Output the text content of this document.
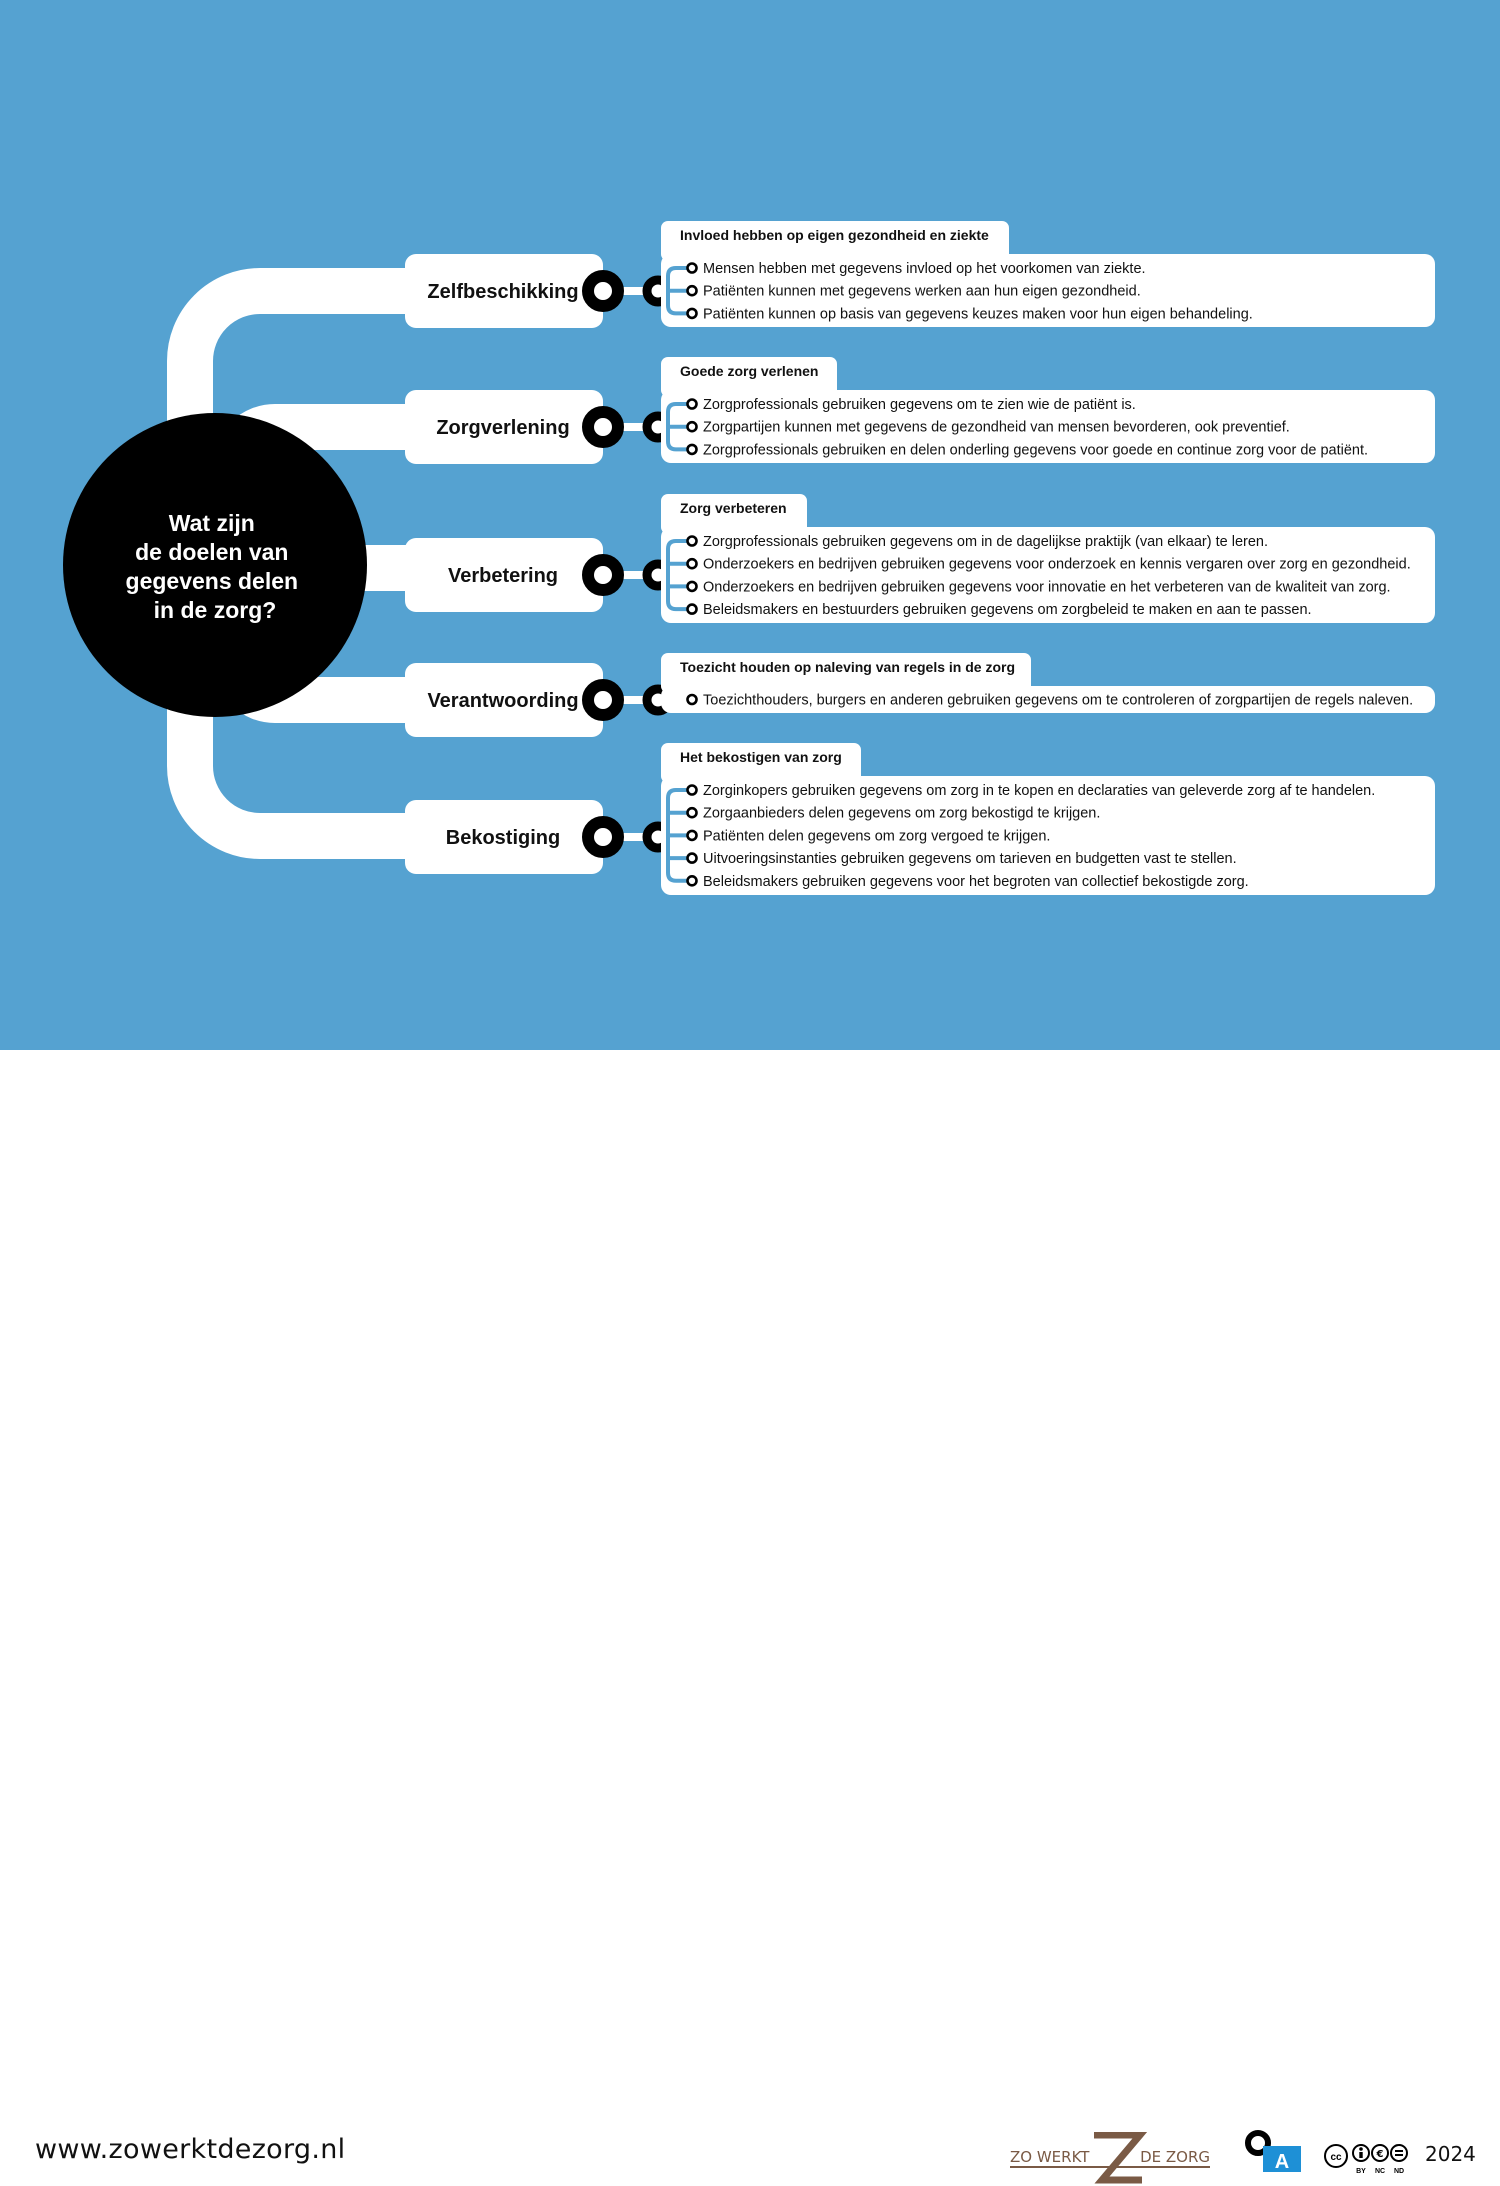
Zelfbeschikking
Invloed hebben op eigen gezondheid en ziekte
Mensen hebben met gegevens invloed op het voorkomen van ziekte.
Patiënten kunnen met gegevens werken aan hun eigen gezondheid.
Patiënten kunnen op basis van gegevens keuzes maken voor hun eigen behandeling.
Zorgverlening
Goede zorg verlenen
Zorgprofessionals gebruiken gegevens om te zien wie de patiënt is.
Zorgpartijen kunnen met gegevens de gezondheid van mensen bevorderen, ook preventief.
Zorgprofessionals gebruiken en delen onderling gegevens voor goede en continue zorg voor de patiënt.
Verbetering
Zorg verbeteren
Zorgprofessionals gebruiken gegevens om in de dagelijkse praktijk (van elkaar) te leren.
Onderzoekers en bedrijven gebruiken gegevens voor onderzoek en kennis vergaren over zorg en gezondheid.
Onderzoekers en bedrijven gebruiken gegevens voor innovatie en het verbeteren van de kwaliteit van zorg.
Beleidsmakers en bestuurders gebruiken gegevens om zorgbeleid te maken en aan te passen.
Verantwoording
Toezicht houden op naleving van regels in de zorg
Toezichthouders, burgers en anderen gebruiken gegevens om te controleren of zorgpartijen de regels naleven.
Bekostiging
Het bekostigen van zorg
Zorginkopers gebruiken gegevens om zorg in te kopen en declaraties van geleverde zorg af te handelen.
Zorgaanbieders delen gegevens om zorg bekostigd te krijgen.
Patiënten delen gegevens om zorg vergoed te krijgen.
Uitvoeringsinstanties gebruiken gegevens om tarieven en budgetten vast te stellen.
Beleidsmakers gebruiken gegevens voor het begroten van collectief bekostigde zorg.
Wat zijn de doelen van gegevens delen in de zorg?
www.zowerktdezorg.nl	ZO WERKT	DE ZORG	A	cc	€
BY NC ND
2024
